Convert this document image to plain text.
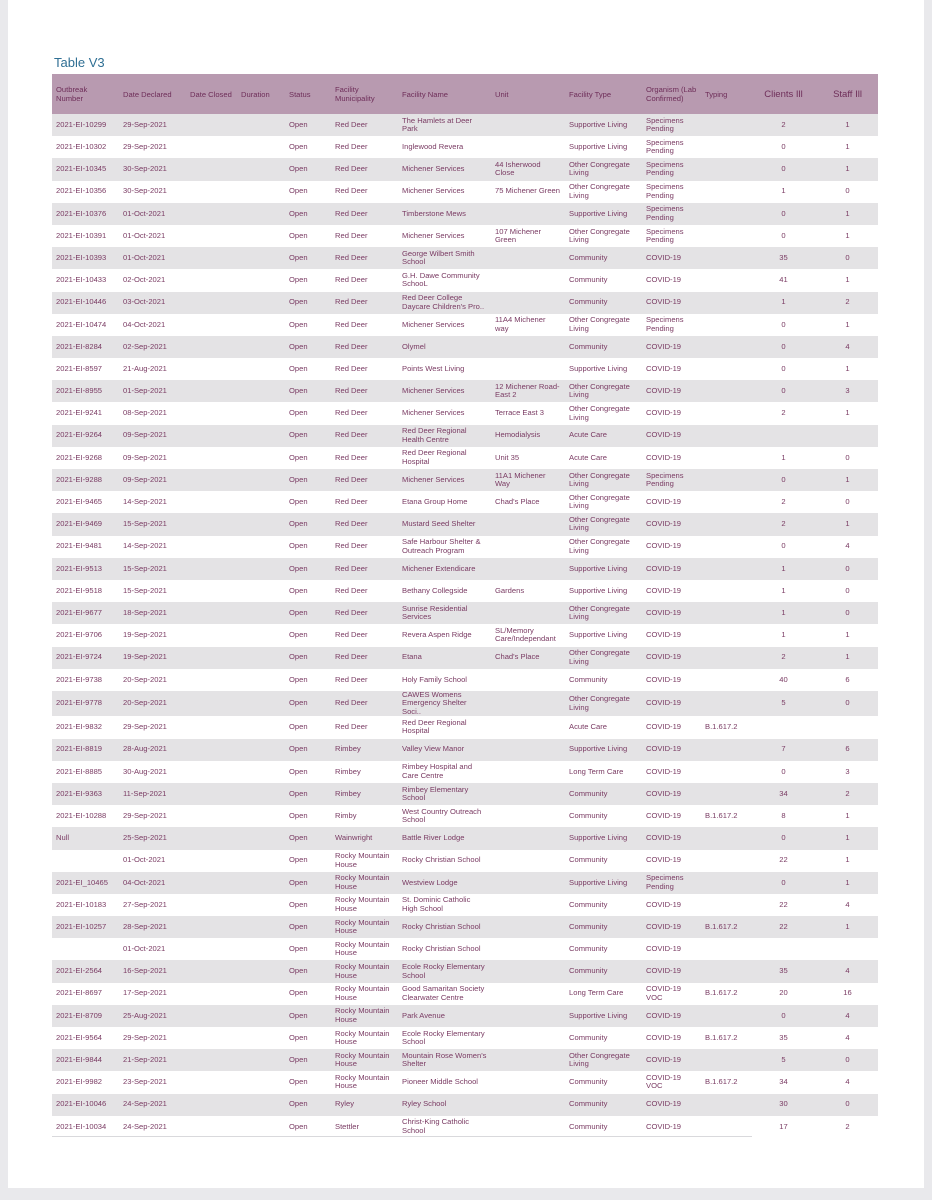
Table V3
Outbreak Number	Date Declared	Date Closed	Duration	Status	Facility Municipality	Facility Name	Unit	Facility Type	Organism (Lab Confirmed)	Typing	Clients Ill	Staff Ill
2021-EI-10299	29-Sep-2021			Open	Red Deer	The Hamlets at Deer Park		Supportive Living	Specimens Pending		2	1
2021-EI-10302	29-Sep-2021			Open	Red Deer	Inglewood Revera		Supportive Living	Specimens Pending		0	1
2021-EI-10345	30-Sep-2021			Open	Red Deer	Michener Services	44 Isherwood Close	Other Congregate Living	Specimens Pending		0	1
2021-EI-10356	30-Sep-2021			Open	Red Deer	Michener Services	75 Michener Green	Other Congregate Living	Specimens Pending		1	0
2021-EI-10376	01-Oct-2021			Open	Red Deer	Timberstone Mews		Supportive Living	Specimens Pending		0	1
2021-EI-10391	01-Oct-2021			Open	Red Deer	Michener Services	107 Michener Green	Other Congregate Living	Specimens Pending		0	1
2021-EI-10393	01-Oct-2021			Open	Red Deer	George Wilbert Smith School		Community	COVID-19		35	0
2021-EI-10433	02-Oct-2021			Open	Red Deer	G.H. Dawe Community SchooL		Community	COVID-19		41	1
2021-EI-10446	03-Oct-2021			Open	Red Deer	Red Deer College Daycare Children's Pro..		Community	COVID-19		1	2
2021-EI-10474	04-Oct-2021			Open	Red Deer	Michener Services	11A4 Michener way	Other Congregate Living	Specimens Pending		0	1
2021-EI-8284	02-Sep-2021			Open	Red Deer	Olymel		Community	COVID-19		0	4
2021-EI-8597	21-Aug-2021			Open	Red Deer	Points West Living		Supportive Living	COVID-19		0	1
2021-EI-8955	01-Sep-2021			Open	Red Deer	Michener Services	12 Michener Road-East 2	Other Congregate Living	COVID-19		0	3
2021-EI-9241	08-Sep-2021			Open	Red Deer	Michener Services	Terrace East 3	Other Congregate Living	COVID-19		2	1
2021-EI-9264	09-Sep-2021			Open	Red Deer	Red Deer Regional Health Centre	Hemodialysis	Acute Care	COVID-19			
2021-EI-9268	09-Sep-2021			Open	Red Deer	Red Deer Regional Hospital	Unit 35	Acute Care	COVID-19		1	0
2021-EI-9288	09-Sep-2021			Open	Red Deer	Michener Services	11A1 Michener Way	Other Congregate Living	Specimens Pending		0	1
2021-EI-9465	14-Sep-2021			Open	Red Deer	Etana Group Home	Chad's Place	Other Congregate Living	COVID-19		2	0
2021-EI-9469	15-Sep-2021			Open	Red Deer	Mustard Seed Shelter		Other Congregate Living	COVID-19		2	1
2021-EI-9481	14-Sep-2021			Open	Red Deer	Safe Harbour Shelter & Outreach Program		Other Congregate Living	COVID-19		0	4
2021-EI-9513	15-Sep-2021			Open	Red Deer	Michener Extendicare		Supportive Living	COVID-19		1	0
2021-EI-9518	15-Sep-2021			Open	Red Deer	Bethany Collegside	Gardens	Supportive Living	COVID-19		1	0
2021-EI-9677	18-Sep-2021			Open	Red Deer	Sunrise Residential Services		Other Congregate Living	COVID-19		1	0
2021-EI-9706	19-Sep-2021			Open	Red Deer	Revera Aspen Ridge	SL/Memory Care/Independant	Supportive Living	COVID-19		1	1
2021-EI-9724	19-Sep-2021			Open	Red Deer	Etana	Chad's Place	Other Congregate Living	COVID-19		2	1
2021-EI-9738	20-Sep-2021			Open	Red Deer	Holy Family School		Community	COVID-19		40	6
2021-EI-9778	20-Sep-2021			Open	Red Deer	CAWES Womens Emergency Shelter Soci..		Other Congregate Living	COVID-19		5	0
2021-EI-9832	29-Sep-2021			Open	Red Deer	Red Deer Regional Hospital		Acute Care	COVID-19	B.1.617.2		
2021-EI-8819	28-Aug-2021			Open	Rimbey	Valley View Manor		Supportive Living	COVID-19		7	6
2021-EI-8885	30-Aug-2021			Open	Rimbey	Rimbey Hospital and Care Centre		Long Term Care	COVID-19		0	3
2021-EI-9363	11-Sep-2021			Open	Rimbey	Rimbey Elementary School		Community	COVID-19		34	2
2021-EI-10288	29-Sep-2021			Open	Rimby	West Country Outreach School		Community	COVID-19	B.1.617.2	8	1
Null	25-Sep-2021			Open	Wainwright	Battle River Lodge		Supportive Living	COVID-19		0	1
	01-Oct-2021			Open	Rocky Mountain House	Rocky Christian School		Community	COVID-19		22	1
2021-EI_10465	04-Oct-2021			Open	Rocky Mountain House	Westview Lodge		Supportive Living	Specimens Pending		0	1
2021-EI-10183	27-Sep-2021			Open	Rocky Mountain House	St. Dominic Catholic High School		Community	COVID-19		22	4
2021-EI-10257	28-Sep-2021			Open	Rocky Mountain House	Rocky Christian School		Community	COVID-19	B.1.617.2	22	1
	01-Oct-2021			Open	Rocky Mountain House	Rocky Christian School		Community	COVID-19			
2021-EI-2564	16-Sep-2021			Open	Rocky Mountain House	Ecole Rocky Elementary School		Community	COVID-19		35	4
2021-EI-8697	17-Sep-2021			Open	Rocky Mountain House	Good Samaritan Society Clearwater Centre		Long Term Care	COVID-19 VOC	B.1.617.2	20	16
2021-EI-8709	25-Aug-2021			Open	Rocky Mountain House	Park Avenue		Supportive Living	COVID-19		0	4
2021-EI-9564	29-Sep-2021			Open	Rocky Mountain House	Ecole Rocky Elementary School		Community	COVID-19	B.1.617.2	35	4
2021-EI-9844	21-Sep-2021			Open	Rocky Mountain House	Mountain Rose Women's Shelter		Other Congregate Living	COVID-19		5	0
2021-EI-9982	23-Sep-2021			Open	Rocky Mountain House	Pioneer Middle School		Community	COVID-19 VOC	B.1.617.2	34	4
2021-EI-10046	24-Sep-2021			Open	Ryley	Ryley School		Community	COVID-19		30	0
2021-EI-10034	24-Sep-2021			Open	Stettler	Christ-King Catholic School		Community	COVID-19		17	2
